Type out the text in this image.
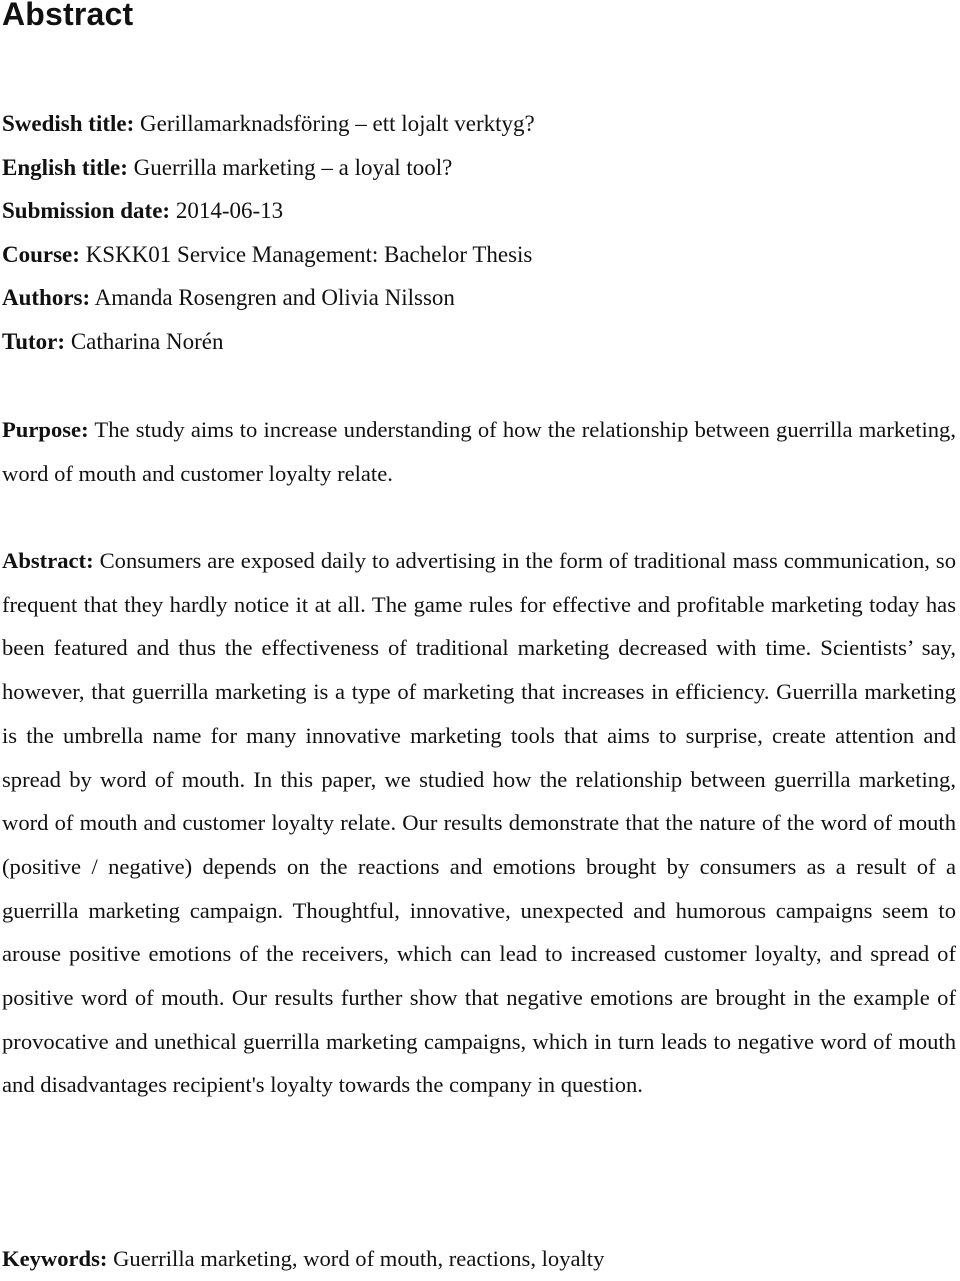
Abstract
Swedish title: Gerillamarknadsföring – ett lojalt verktyg?
English title: Guerrilla marketing – a loyal tool?
Submission date: 2014-06-13
Course: KSKK01 Service Management: Bachelor Thesis
Authors: Amanda Rosengren and Olivia Nilsson
Tutor: Catharina Norén

Purpose: The study aims to increase understanding of how the relationship between guerrilla marketing, word of mouth and customer loyalty relate.

Abstract: Consumers are exposed daily to advertising in the form of traditional mass communication, so frequent that they hardly notice it at all. The game rules for effective and profitable marketing today has been featured and thus the effectiveness of traditional marketing decreased with time. Scientists’ say, however, that guerrilla marketing is a type of marketing that increases in efficiency. Guerrilla marketing is the umbrella name for many innovative marketing tools that aims to surprise, create attention and spread by word of mouth. In this paper, we studied how the relationship between guerrilla marketing, word of mouth and customer loyalty relate. Our results demonstrate that the nature of the word of mouth (positive / negative) depends on the reactions and emotions brought by consumers as a result of a guerrilla marketing campaign. Thoughtful, innovative, unexpected and humorous campaigns seem to arouse positive emotions of the receivers, which can lead to increased customer loyalty, and spread of positive word of mouth. Our results further show that negative emotions are brought in the example of provocative and unethical guerrilla marketing campaigns, which in turn leads to negative word of mouth and disadvantages recipient's loyalty towards the company in question.

Keywords: Guerrilla marketing, word of mouth, reactions, loyalty
